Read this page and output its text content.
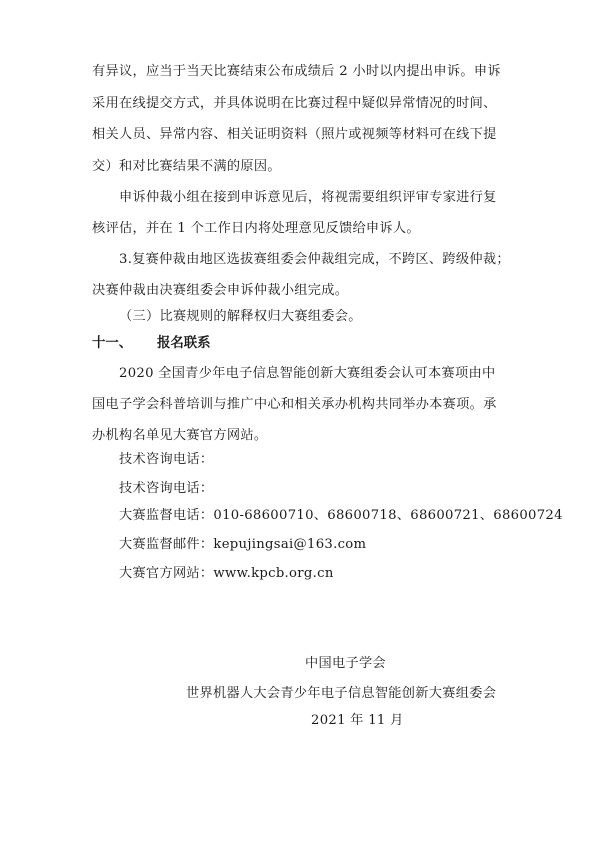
有异议，应当于当天比赛结束公布成绩后 2 小时以内提出申诉。申诉
采用在线提交方式，并具体说明在比赛过程中疑似异常情况的时间、
相关人员、异常内容、相关证明资料（照片或视频等材料可在线下提
交）和对比赛结果不满的原因。
申诉仲裁小组在接到申诉意见后，将视需要组织评审专家进行复
核评估，并在 1 个工作日内将处理意见反馈给申诉人。
3.复赛仲裁由地区选拔赛组委会仲裁组完成，不跨区、跨级仲裁；
决赛仲裁由决赛组委会申诉仲裁小组完成。
（三）比赛规则的解释权归大赛组委会。
十一、 报名联系
2020 全国青少年电子信息智能创新大赛组委会认可本赛项由中
国电子学会科普培训与推广中心和相关承办机构共同举办本赛项。承
办机构名单见大赛官方网站。
技术咨询电话：
技术咨询电话：
大赛监督电话：010-68600710、68600718、68600721、68600724
大赛监督邮件：kepujingsai@163.com
大赛官方网站：www.kpcb.org.cn
中国电子学会
世界机器人大会青少年电子信息智能创新大赛组委会
2021 年 11 月
